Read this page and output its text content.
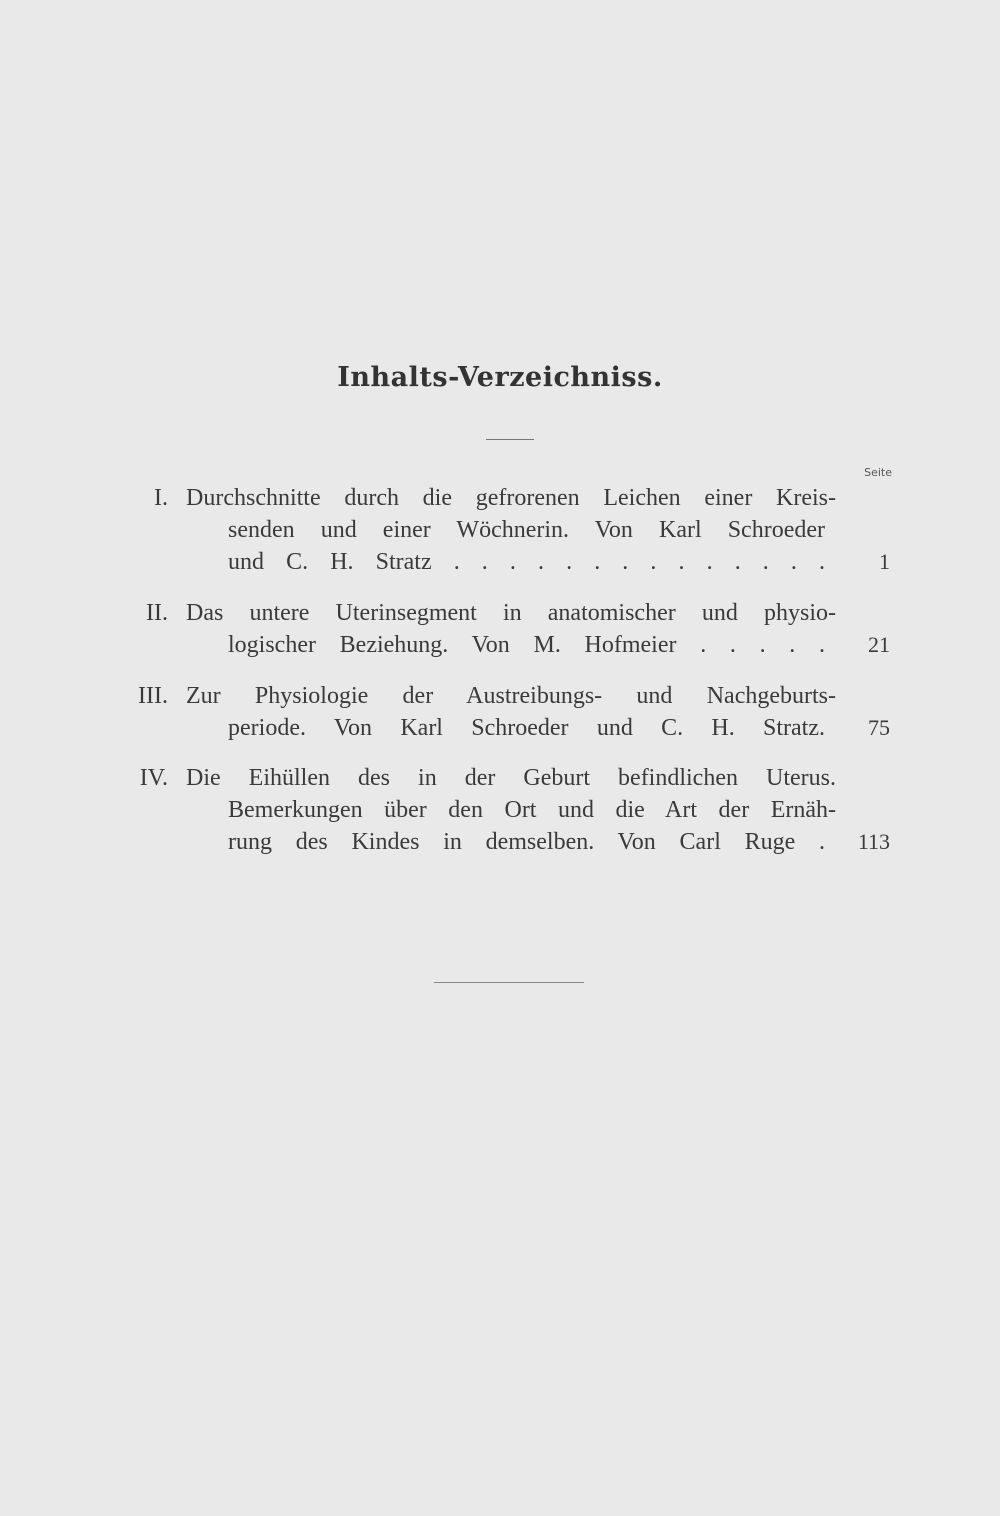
Inhalts-Verzeichniss.
Seite
I. Durchschnitte durch die gefrorenen Leichen einer Kreis-
senden und einer Wöchnerin. Von Karl Schroeder
und C. H. Stratz . . . . . . . . . . . . . .	1
II. Das untere Uterinsegment in anatomischer und physio-
logischer Beziehung. Von M. Hofmeier . . . . .	21
III. Zur Physiologie der Austreibungs- und Nachgeburts-
periode. Von Karl Schroeder und C. H. Stratz.	75
IV. Die Eihüllen des in der Geburt befindlichen Uterus.
Bemerkungen über den Ort und die Art der Ernäh-
rung des Kindes in demselben. Von Carl Ruge .	113
